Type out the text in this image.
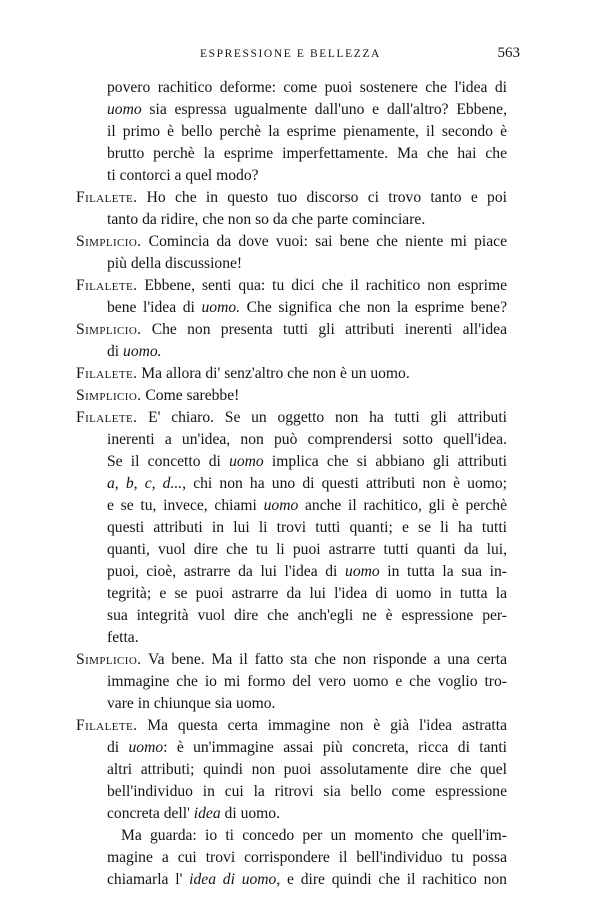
ESPRESSIONE E BELLEZZA	563
povero rachitico deforme: come puoi sostenere che l'idea di
uomo sia espressa ugualmente dall'uno e dall'altro? Ebbene,
il primo è bello perchè la esprime pienamente, il secondo è
brutto perchè la esprime imperfettamente. Ma che hai che
ti contorci a quel modo?
Filalete. Ho che in questo tuo discorso ci trovo tanto e poi
tanto da ridire, che non so da che parte cominciare.
Simplicio. Comincia da dove vuoi: sai bene che niente mi piace
più della discussione!
Filalete. Ebbene, senti qua: tu dici che il rachitico non esprime
bene l'idea di uomo. Che significa che non la esprime bene?
Simplicio. Che non presenta tutti gli attributi inerenti all'idea
di uomo.
Filalete. Ma allora di' senz'altro che non è un uomo.
Simplicio. Come sarebbe!
Filalete. E' chiaro. Se un oggetto non ha tutti gli attributi
inerenti a un'idea, non può comprendersi sotto quell'idea.
Se il concetto di uomo implica che si abbiano gli attributi
a, b, c, d..., chi non ha uno di questi attributi non è uomo;
e se tu, invece, chiami uomo anche il rachitico, gli è perchè
questi attributi in lui li trovi tutti quanti; e se li ha tutti
quanti, vuol dire che tu li puoi astrarre tutti quanti da lui,
puoi, cioè, astrarre da lui l'idea di uomo in tutta la sua in-
tegrità; e se puoi astrarre da lui l'idea di uomo in tutta la
sua integrità vuol dire che anch'egli ne è espressione per-
fetta.
Simplicio. Va bene. Ma il fatto sta che non risponde a una certa
immagine che io mi formo del vero uomo e che voglio tro-
vare in chiunque sia uomo.
Filalete. Ma questa certa immagine non è già l'idea astratta
di uomo: è un'immagine assai più concreta, ricca di tanti
altri attributi; quindi non puoi assolutamente dire che quel
bell'individuo in cui la ritrovi sia bello come espressione
concreta dell' idea di uomo.
Ma guarda: io ti concedo per un momento che quell'im-
magine a cui trovi corrispondere il bell'individuo tu possa
chiamarla l' idea di uomo, e dire quindi che il rachitico non
